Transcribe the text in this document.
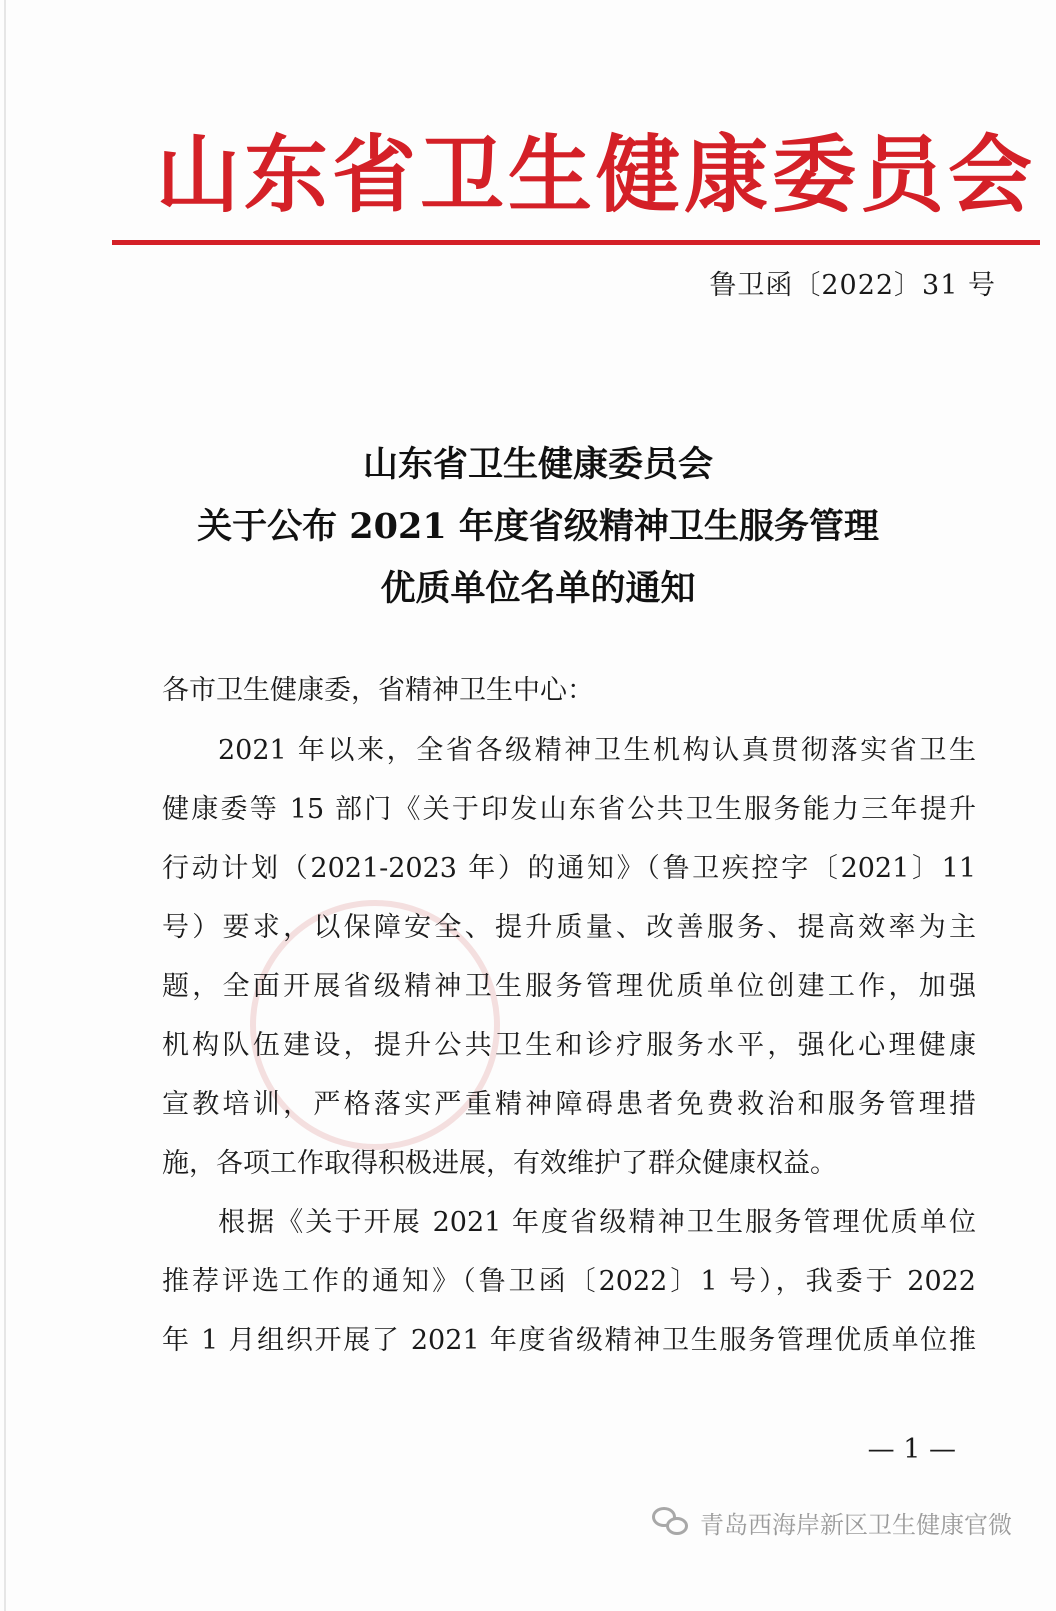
山东省卫生健康委员会
鲁卫函〔2022〕31 号
山东省卫生健康委员会
关于公布 2021 年度省级精神卫生服务管理
优质单位名单的通知
各市卫生健康委，省精神卫生中心：
2021 年以来，全省各级精神卫生机构认真贯彻落实省卫生
健康委等 15 部门《关于印发山东省公共卫生服务能力三年提升
行动计划（2021-2023 年）的通知》（鲁卫疾控字〔2021〕11
号）要求，以保障安全、提升质量、改善服务、提高效率为主
题，全面开展省级精神卫生服务管理优质单位创建工作，加强
机构队伍建设，提升公共卫生和诊疗服务水平，强化心理健康
宣教培训，严格落实严重精神障碍患者免费救治和服务管理措
施，各项工作取得积极进展，有效维护了群众健康权益。
根据《关于开展 2021 年度省级精神卫生服务管理优质单位
推荐评选工作的通知》（鲁卫函〔2022〕1 号），我委于 2022
年 1 月组织开展了 2021 年度省级精神卫生服务管理优质单位推
— 1 —
青岛西海岸新区卫生健康官微
